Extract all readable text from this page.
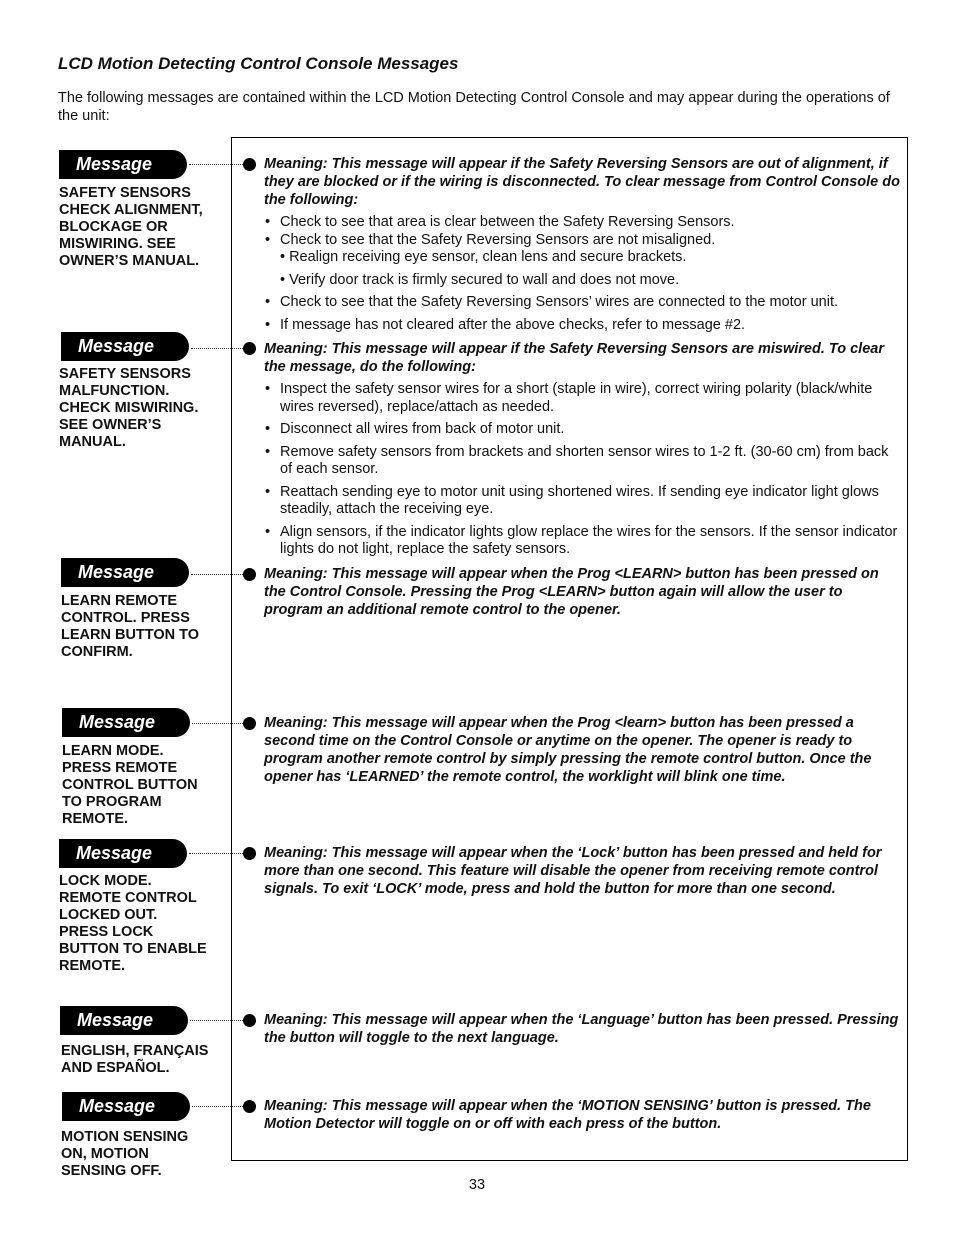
LCD Motion Detecting Control Console Messages

The following messages are contained within the LCD Motion Detecting Control Console and may appear during the operations of the unit:

Message
SAFETY SENSORS
CHECK ALIGNMENT,
BLOCKAGE OR
MISWIRING. SEE
OWNER’S MANUAL.

Meaning: This message will appear if the Safety Reversing Sensors are out of alignment, if they are blocked or if the wiring is disconnected. To clear message from Control Console do the following:

• Check to see that area is clear between the Safety Reversing Sensors.
• Check to see that the Safety Reversing Sensors are not misaligned.
• Realign receiving eye sensor, clean lens and secure brackets.
• Verify door track is firmly secured to wall and does not move.
• Check to see that the Safety Reversing Sensors’ wires are connected to the motor unit.
• If message has not cleared after the above checks, refer to message #2.
Message
SAFETY SENSORS
MALFUNCTION.
CHECK MISWIRING.
SEE OWNER’S
MANUAL.

Meaning: This message will appear if the Safety Reversing Sensors are miswired. To clear the message, do the following:

• Inspect the safety sensor wires for a short (staple in wire), correct wiring polarity (black/white wires reversed), replace/attach as needed.
• Disconnect all wires from back of motor unit.
• Remove safety sensors from brackets and shorten sensor wires to 1-2 ft. (30-60 cm) from back of each sensor.
• Reattach sending eye to motor unit using shortened wires. If sending eye indicator light glows steadily, attach the receiving eye.
• Align sensors, if the indicator lights glow replace the wires for the sensors. If the sensor indicator lights do not light, replace the safety sensors.
Message
LEARN REMOTE
CONTROL. PRESS
LEARN BUTTON TO
CONFIRM.

Meaning: This message will appear when the Prog <LEARN> button has been pressed on the Control Console. Pressing the Prog <LEARN> button again will allow the user to program an additional remote control to the opener.

Message
LEARN MODE.
PRESS REMOTE
CONTROL BUTTON
TO PROGRAM
REMOTE.

Meaning: This message will appear when the Prog <learn> button has been pressed a second time on the Control Console or anytime on the opener. The opener is ready to program another remote control by simply pressing the remote control button. Once the opener has ‘LEARNED’ the remote control, the worklight will blink one time.

Message
LOCK MODE.
REMOTE CONTROL
LOCKED OUT.
PRESS LOCK
BUTTON TO ENABLE
REMOTE.

Meaning: This message will appear when the ‘Lock’ button has been pressed and held for more than one second. This feature will disable the opener from receiving remote control signals. To exit ‘LOCK’ mode, press and hold the button for more than one second.

Message
ENGLISH, FRANÇAIS
AND ESPAÑOL.

Meaning: This message will appear when the ‘Language’ button has been pressed. Pressing the button will toggle to the next language.

Message
MOTION SENSING
ON, MOTION
SENSING OFF.

Meaning: This message will appear when the ‘MOTION SENSING’ button is pressed. The Motion Detector will toggle on or off with each press of the button.

33
